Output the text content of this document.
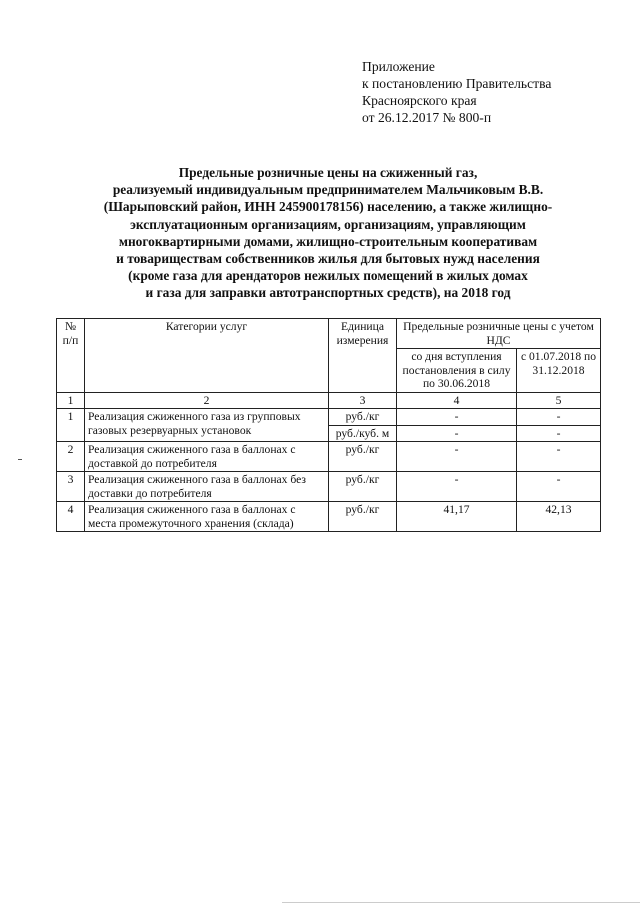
Приложение
к постановлению Правительства
Красноярского края
от 26.12.2017 № 800-п
Предельные розничные цены на сжиженный газ,
реализуемый индивидуальным предпринимателем Мальчиковым В.В.
(Шарыповский район, ИНН 245900178156) населению, а также жилищно-
эксплуатационным организациям, организациям, управляющим
многоквартирными домами, жилищно-строительным кооперативам
и товариществам собственников жилья для бытовых нужд населения
(кроме газа для арендаторов нежилых помещений в жилых домах
и газа для заправки автотранспортных средств), на 2018 год
№ п/п	Категории услуг	Единица измерения	Предельные розничные цены с учетом НДС	
			со дня вступления постановления в силу по 30.06.2018	с 01.07.2018 по 31.12.2018
1	2	3	4	5
1	Реализация сжиженного газа из групповых газовых резервуарных установок	руб./кг	-	-
		руб./куб. м	-	-
2	Реализация сжиженного газа в баллонах с доставкой до потребителя	руб./кг	-	-
3	Реализация сжиженного газа в баллонах без доставки до потребителя	руб./кг	-	-
4	Реализация сжиженного газа в баллонах с места промежуточного хранения (склада)	руб./кг	41,17	42,13
